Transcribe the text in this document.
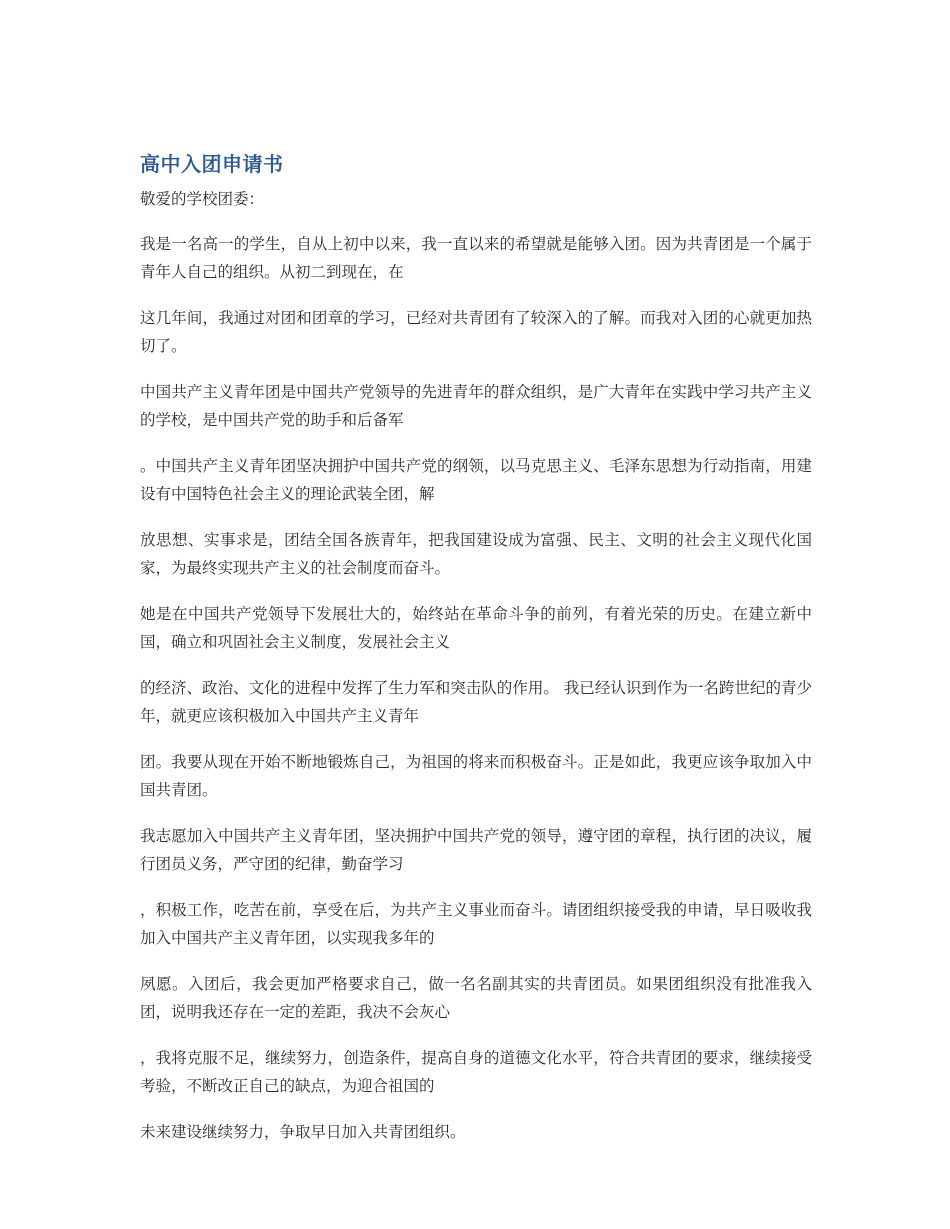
高中入团申请书

敬爱的学校团委：

我是一名高一的学生，自从上初中以来，我一直以来的希望就是能够入团。因为共青团是一个属于青年人自己的组织。从初二到现在，在

这几年间，我通过对团和团章的学习，已经对共青团有了较深入的了解。而我对入团的心就更加热切了。

中国共产主义青年团是中国共产党领导的先进青年的群众组织，是广大青年在实践中学习共产主义的学校，是中国共产党的助手和后备军

。中国共产主义青年团坚决拥护中国共产党的纲领，以马克思主义、毛泽东思想为行动指南，用建设有中国特色社会主义的理论武装全团，解

放思想、实事求是，团结全国各族青年，把我国建设成为富强、民主、文明的社会主义现代化国家，为最终实现共产主义的社会制度而奋斗。

她是在中国共产党领导下发展壮大的，始终站在革命斗争的前列，有着光荣的历史。在建立新中国，确立和巩固社会主义制度，发展社会主义

的经济、政治、文化的进程中发挥了生力军和突击队的作用。 我已经认识到作为一名跨世纪的青少年，就更应该积极加入中国共产主义青年

团。我要从现在开始不断地锻炼自己，为祖国的将来而积极奋斗。正是如此，我更应该争取加入中国共青团。

我志愿加入中国共产主义青年团，坚决拥护中国共产党的领导，遵守团的章程，执行团的决议，履行团员义务，严守团的纪律，勤奋学习

，积极工作，吃苦在前，享受在后，为共产主义事业而奋斗。请团组织接受我的申请，早日吸收我加入中国共产主义青年团，以实现我多年的

夙愿。入团后，我会更加严格要求自己，做一名名副其实的共青团员。如果团组织没有批准我入团，说明我还存在一定的差距，我决不会灰心

，我将克服不足，继续努力，创造条件，提高自身的道德文化水平，符合共青团的要求，继续接受考验，不断改正自己的缺点，为迎合祖国的

未来建设继续努力，争取早日加入共青团组织。
